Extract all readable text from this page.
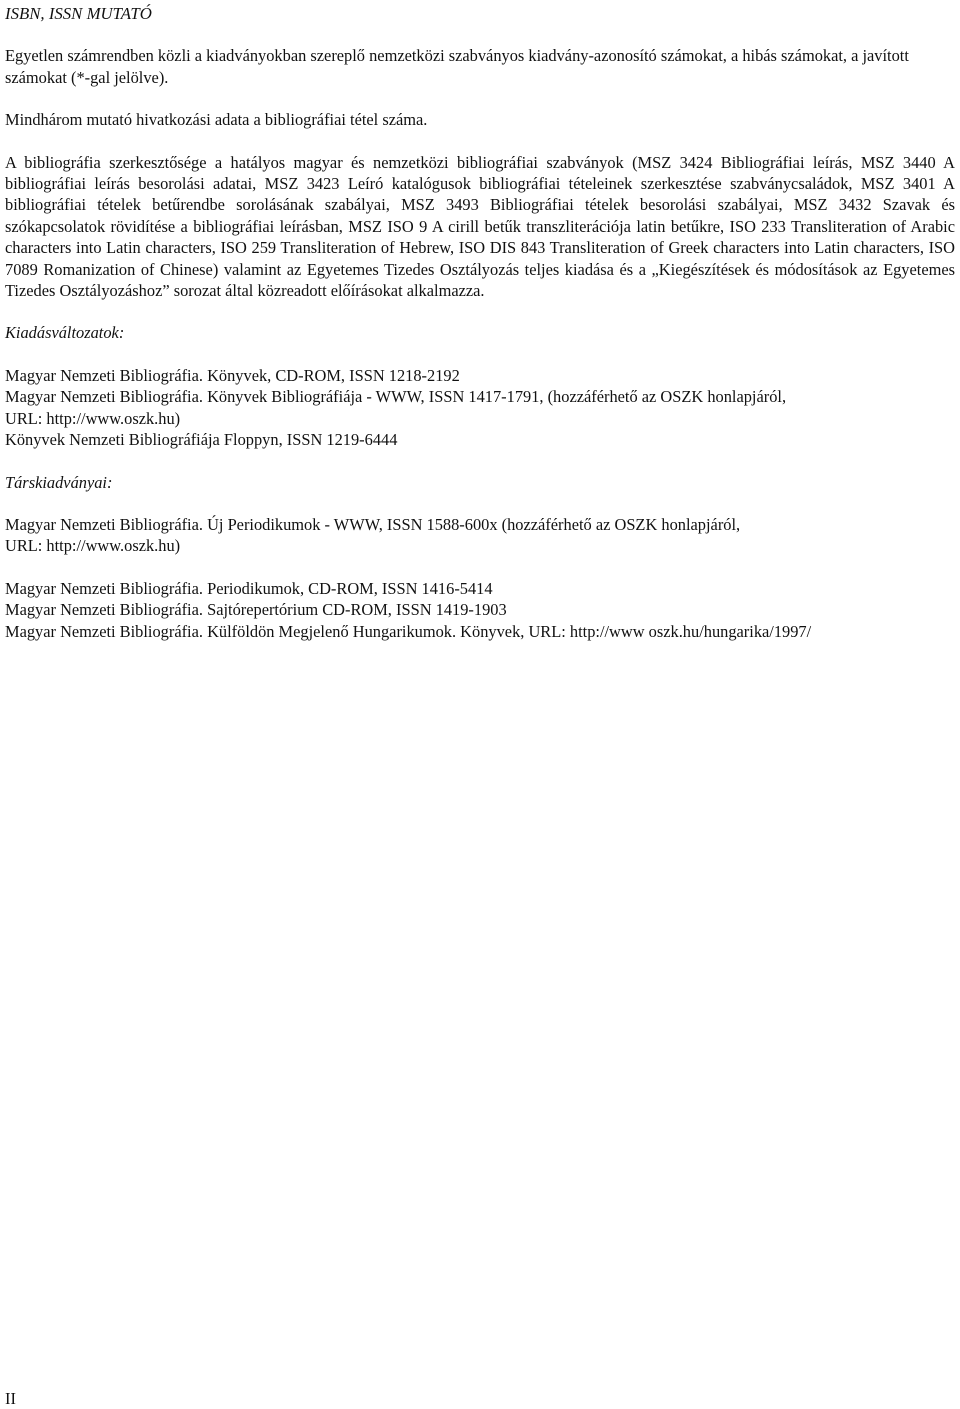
ISBN, ISSN MUTATÓ

Egyetlen számrendben közli a kiadványokban szereplő nemzetközi szabványos kiadvány-azonosító számokat, a hibás számokat, a javított számokat (*-gal jelölve).

Mindhárom mutató hivatkozási adata a bibliográfiai tétel száma.

A bibliográfia szerkesztősége a hatályos magyar és nemzetközi bibliográfiai szabványok (MSZ 3424 Bibliográfiai leírás, MSZ 3440 A bibliográfiai leírás besorolási adatai, MSZ 3423 Leíró katalógusok bibliográfiai tételeinek szerkesztése szabványcsaládok, MSZ 3401 A bibliográfiai tételek betűrendbe sorolásának szabályai, MSZ 3493 Bibliográfiai tételek besorolási szabályai, MSZ 3432 Szavak és szókapcsolatok rövidítése a bibliográfiai leírásban, MSZ ISO 9 A cirill betűk transzliterációja latin betűkre, ISO 233 Transliteration of Arabic characters into Latin characters, ISO 259 Transliteration of Hebrew, ISO DIS 843 Transliteration of Greek characters into Latin characters, ISO 7089 Romanization of Chinese) valamint az Egyetemes Tizedes Osztályozás teljes kiadása és a „Kiegészítések és módosítások az Egyetemes Tizedes Osztályozáshoz” sorozat által közreadott előírásokat alkalmazza.

Kiadásváltozatok:

Magyar Nemzeti Bibliográfia. Könyvek, CD-ROM, ISSN 1218-2192
Magyar Nemzeti Bibliográfia. Könyvek Bibliográfiája - WWW, ISSN 1417-1791, (hozzáférhető az OSZK honlapjáról,
URL: http://www.oszk.hu)
Könyvek Nemzeti Bibliográfiája Floppyn, ISSN 1219-6444

Társkiadványai:

Magyar Nemzeti Bibliográfia. Új Periodikumok - WWW, ISSN 1588-600x (hozzáférhető az OSZK honlapjáról,
URL: http://www.oszk.hu)
Magyar Nemzeti Bibliográfia. Periodikumok, CD-ROM, ISSN 1416-5414
Magyar Nemzeti Bibliográfia. Sajtórepertórium CD-ROM, ISSN 1419-1903
Magyar Nemzeti Bibliográfia. Külföldön Megjelenő Hungarikumok. Könyvek, URL: http://www oszk.hu/hungarika/1997/
II
